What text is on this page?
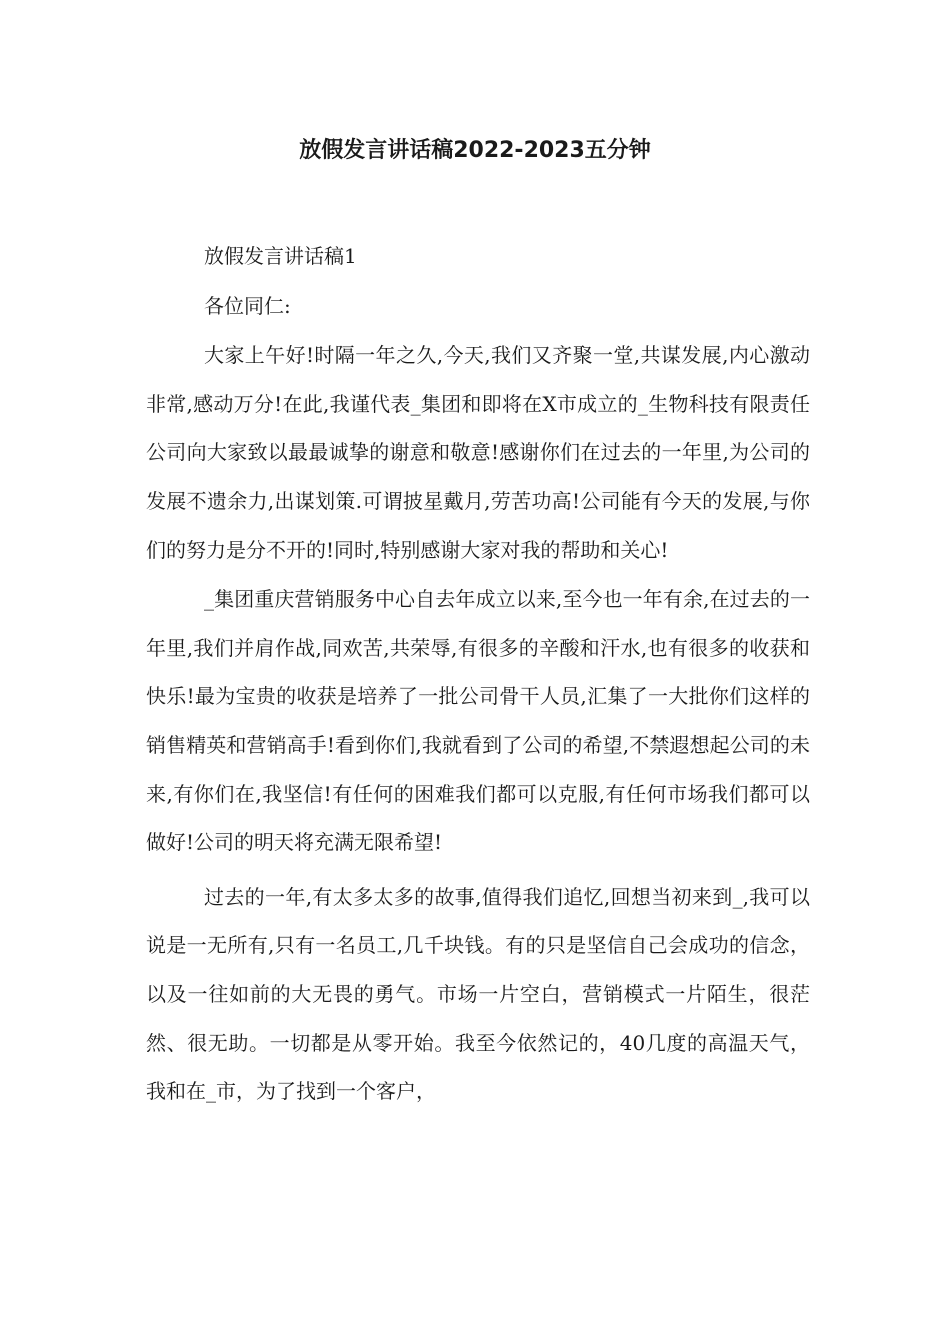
放假发言讲话稿2022-2023五分钟

放假发言讲话稿1

各位同仁:

大家上午好!时隔一年之久,今天,我们又齐聚一堂,共谋发展,内心激动非常,感动万分!在此,我谨代表_集团和即将在X市成立的_生物科技有限责任公司向大家致以最最诚挚的谢意和敬意!感谢你们在过去的一年里,为公司的发展不遗余力,出谋划策.可谓披星戴月,劳苦功高!公司能有今天的发展,与你们的努力是分不开的!同时,特别感谢大家对我的帮助和关心!

_集团重庆营销服务中心自去年成立以来,至今也一年有余,在过去的一年里,我们并肩作战,同欢苦,共荣辱,有很多的辛酸和汗水,也有很多的收获和快乐!最为宝贵的收获是培养了一批公司骨干人员,汇集了一大批你们这样的销售精英和营销高手!看到你们,我就看到了公司的希望,不禁遐想起公司的未来,有你们在,我坚信!有任何的困难我们都可以克服,有任何市场我们都可以做好!公司的明天将充满无限希望!

过去的一年,有太多太多的故事,值得我们追忆,回想当初来到_,我可以说是一无所有,只有一名员工,几千块钱。有的只是坚信自己会成功的信念，以及一往如前的大无畏的勇气。市场一片空白，营销模式一片陌生，很茫然、很无助。一切都是从零开始。我至今依然记的，40几度的高温天气，我和在_市，为了找到一个客户，
